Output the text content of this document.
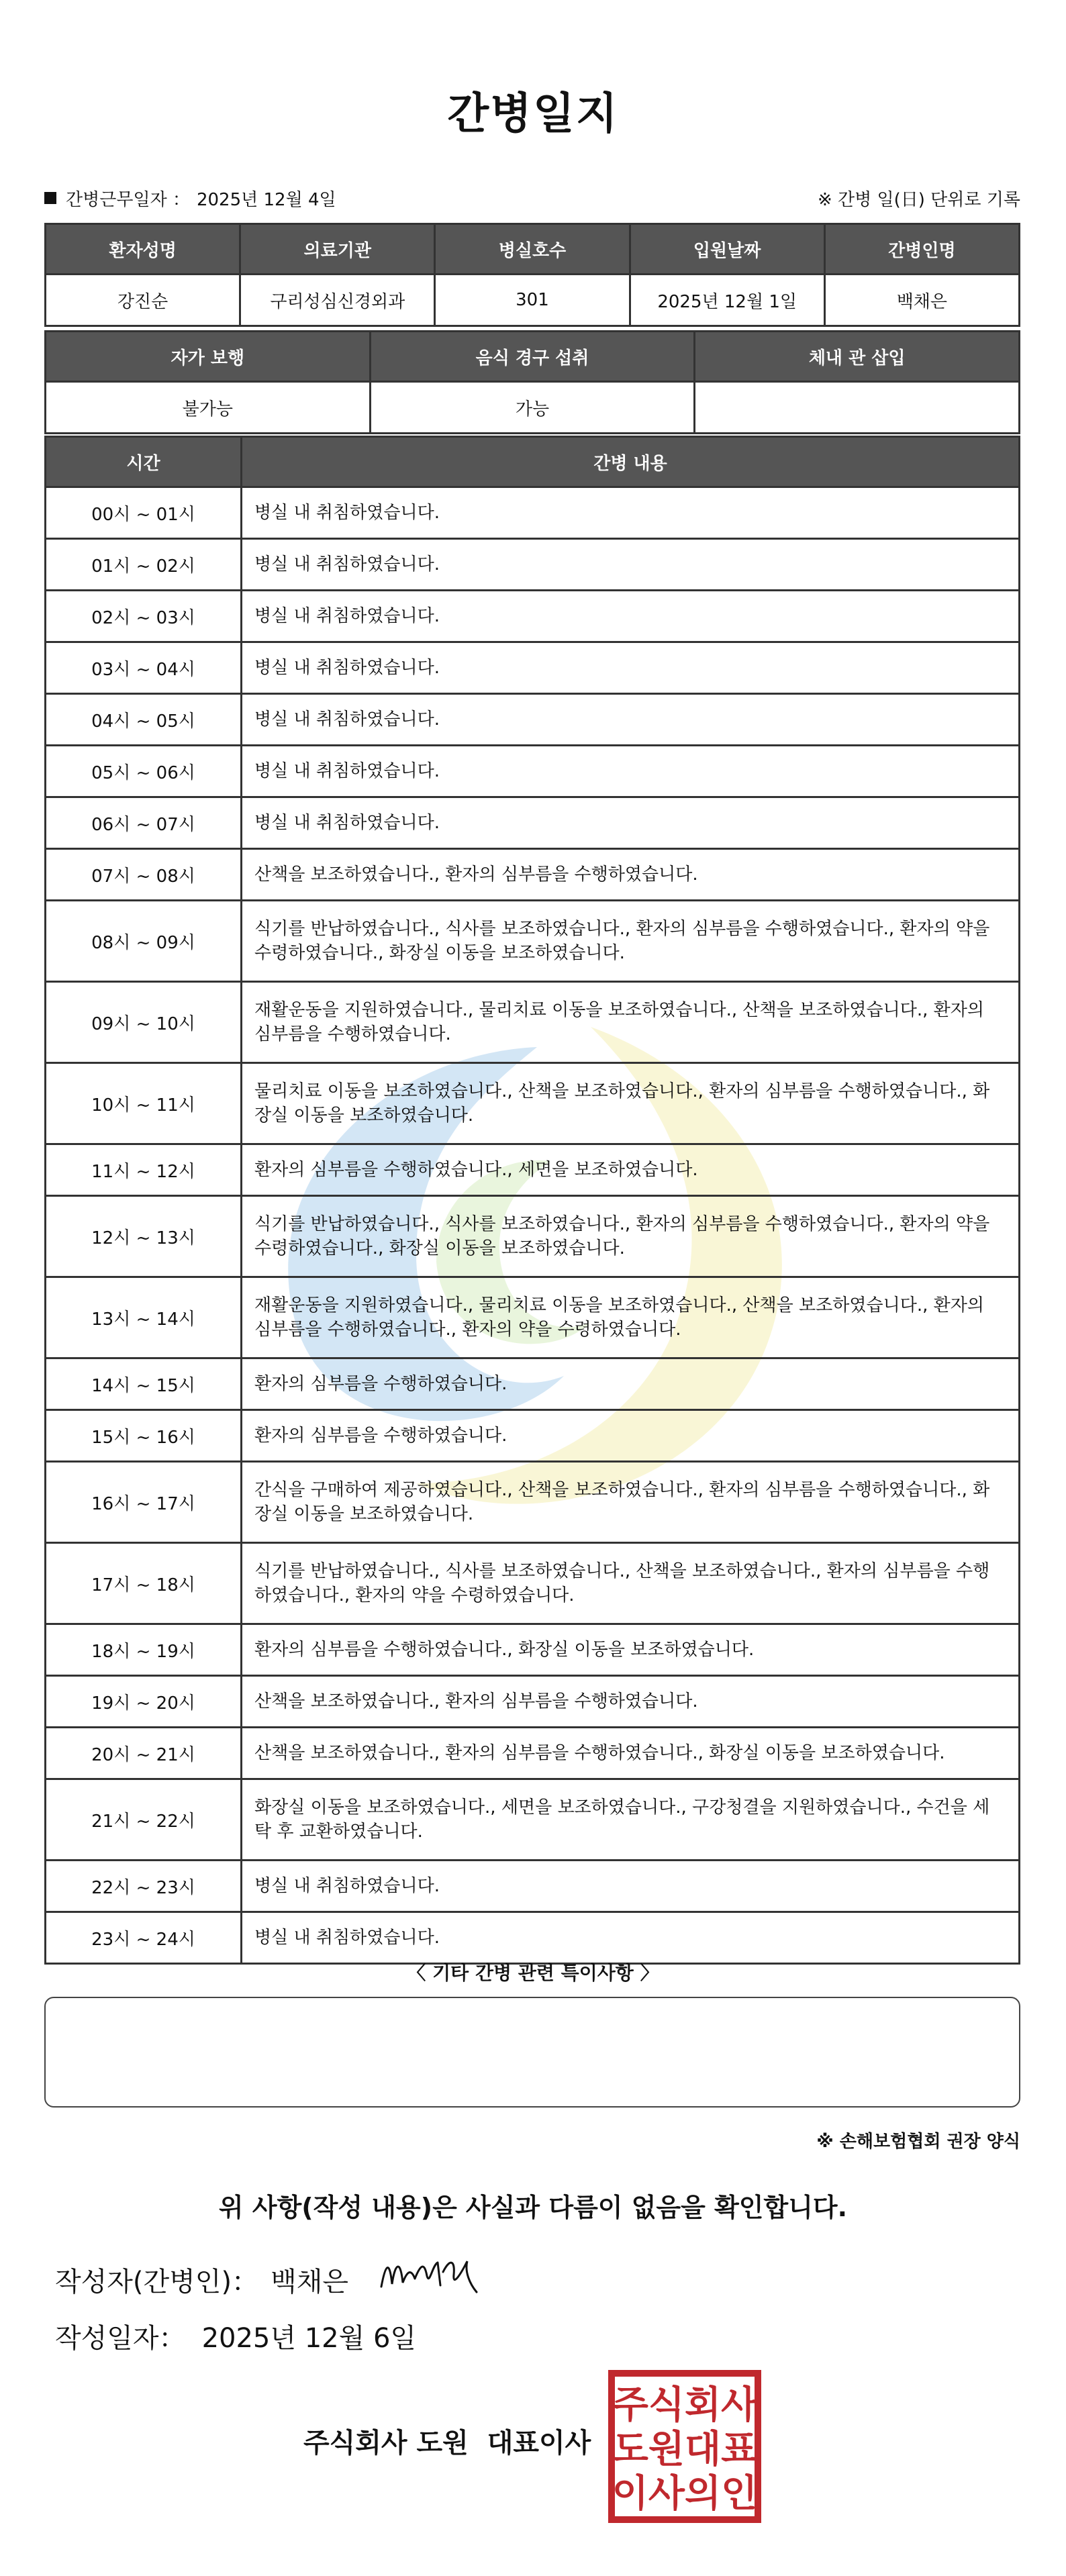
간병일지
간병근무일자 ： 2025년 12월 4일	※ 간병 일(日) 단위로 기록
환자성명	의료기관	병실호수	입원날짜	간병인명
강진순	구리성심신경외과	301	2025년 12월 1일	백채은
자가 보행	음식 경구 섭취	체내 관 삽입
불가능	가능	
시간	간병 내용
00시 ~ 01시	병실 내 취침하였습니다.
01시 ~ 02시	병실 내 취침하였습니다.
02시 ~ 03시	병실 내 취침하였습니다.
03시 ~ 04시	병실 내 취침하였습니다.
04시 ~ 05시	병실 내 취침하였습니다.
05시 ~ 06시	병실 내 취침하였습니다.
06시 ~ 07시	병실 내 취침하였습니다.
07시 ~ 08시	산책을 보조하였습니다., 환자의 심부름을 수행하였습니다.
08시 ~ 09시	식기를 반납하였습니다., 식사를 보조하였습니다., 환자의 심부름을 수행하였습니다., 환자의 약을 수령하였습니다., 화장실 이동을 보조하였습니다.
09시 ~ 10시	재활운동을 지원하였습니다., 물리치료 이동을 보조하였습니다., 산책을 보조하였습니다., 환자의 심부름을 수행하였습니다.
10시 ~ 11시	물리치료 이동을 보조하였습니다., 산책을 보조하였습니다., 환자의 심부름을 수행하였습니다., 화장실 이동을 보조하였습니다.
11시 ~ 12시	환자의 심부름을 수행하였습니다., 세면을 보조하였습니다.
12시 ~ 13시	식기를 반납하였습니다., 식사를 보조하였습니다., 환자의 심부름을 수행하였습니다., 환자의 약을 수령하였습니다., 화장실 이동을 보조하였습니다.
13시 ~ 14시	재활운동을 지원하였습니다., 물리치료 이동을 보조하였습니다., 산책을 보조하였습니다., 환자의 심부름을 수행하였습니다., 환자의 약을 수령하였습니다.
14시 ~ 15시	환자의 심부름을 수행하였습니다.
15시 ~ 16시	환자의 심부름을 수행하였습니다.
16시 ~ 17시	간식을 구매하여 제공하였습니다., 산책을 보조하였습니다., 환자의 심부름을 수행하였습니다., 화장실 이동을 보조하였습니다.
17시 ~ 18시	식기를 반납하였습니다., 식사를 보조하였습니다., 산책을 보조하였습니다., 환자의 심부름을 수행하였습니다., 환자의 약을 수령하였습니다.
18시 ~ 19시	환자의 심부름을 수행하였습니다., 화장실 이동을 보조하였습니다.
19시 ~ 20시	산책을 보조하였습니다., 환자의 심부름을 수행하였습니다.
20시 ~ 21시	산책을 보조하였습니다., 환자의 심부름을 수행하였습니다., 화장실 이동을 보조하였습니다.
21시 ~ 22시	화장실 이동을 보조하였습니다., 세면을 보조하였습니다., 구강청결을 지원하였습니다., 수건을 세탁 후 교환하였습니다.
22시 ~ 23시	병실 내 취침하였습니다.
23시 ~ 24시	병실 내 취침하였습니다.
〈 기타 간병 관련 특이사항 〉
※ 손해보험협회 권장 양식
위 사항(작성 내용)은 사실과 다름이 없음을 확인합니다.
작성자(간병인)： 백채은
작성일자： 2025년 12월 6일
주식회사 도원 대표이사
주식회사
도원대표
이사의인
